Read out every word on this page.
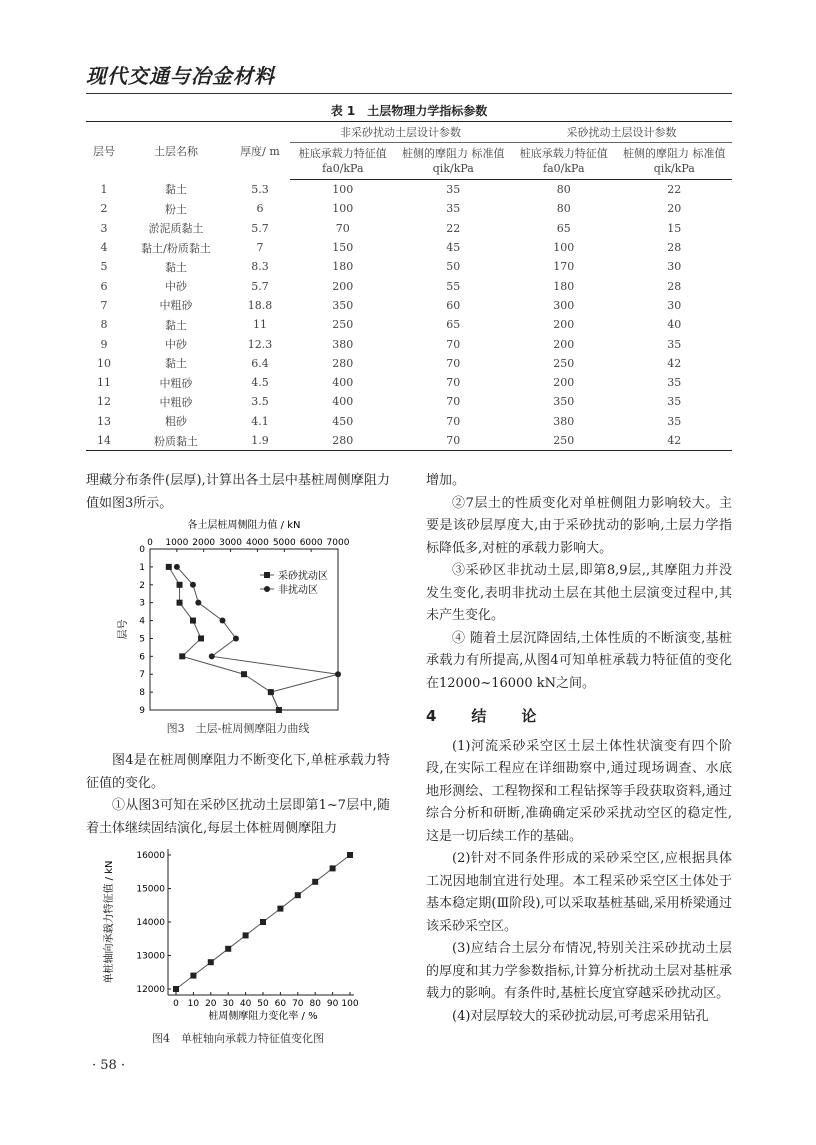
现代交通与冶金材料
表 1　土层物理力学指标参数
层号	土层名称	厚度/ m	非采砂扰动土层设计参数		采砂扰动土层设计参数	
			桩底承载力特征值 fa0/kPa	桩侧的摩阻力 标准值 qik/kPa	桩底承载力特征值 fa0/kPa	桩侧的摩阻力 标准值 qik/kPa
1	黏土	5.3	100	35	80	22
2	粉土	6	100	35	80	20
3	淤泥质黏土	5.7	70	22	65	15
4	黏土/粉质黏土	7	150	45	100	28
5	黏土	8.3	180	50	170	30
6	中砂	5.7	200	55	180	28
7	中粗砂	18.8	350	60	300	30
8	黏土	11	250	65	200	40
9	中砂	12.3	380	70	200	35
10	黏土	6.4	280	70	250	42
11	中粗砂	4.5	400	70	200	35
12	中粗砂	3.5	400	70	350	35
13	粗砂	4.1	450	70	380	35
14	粉质黏土	1.9	280	70	250	42

理藏分布条件(层厚),计算出各土层中基桩周侧摩阻力值如图3所示。

各土层桩周侧阻力值 / kN
0 1000 2000 3000 4000 5000 6000 7000
0
1
2
3
4
5
6
7
8
9
层号
采砂扰动区
非扰动区
图3　土层-桩周侧摩阻力曲线

图4是在桩周侧摩阻力不断变化下,单桩承载力特征值的变化。

①从图3可知在采砂区扰动土层即第1~7层中,随着土体继续固结演化,每层土体桩周侧摩阻力

0 10 20 30 40 50 60 70 80 90 100
12000
13000
14000
15000
16000
桩周侧摩阻力变化率 / %
单桩轴向承载力特征值 / kN
图4　单桩轴向承载力特征值变化图

增加。

②7层土的性质变化对单桩侧阻力影响较大。主要是该砂层厚度大,由于采砂扰动的影响,土层力学指标降低多,对桩的承载力影响大。

③采砂区非扰动土层,即第8,9层,,其摩阻力并没发生变化,表明非扰动土层在其他土层演变过程中,其未产生变化。

④ 随着土层沉降固结,土体性质的不断演变,基桩承载力有所提高,从图4可知单桩承载力特征值的变化在12000~16000 kN之间。

4　结　论

(1)河流采砂采空区土层土体性状演变有四个阶段,在实际工程应在详细勘察中,通过现场调查、水底地形测绘、工程物探和工程钻探等手段获取资料,通过综合分析和研断,准确确定采砂采扰动空区的稳定性,这是一切后续工作的基础。

(2)针对不同条件形成的采砂采空区,应根据具体工况因地制宜进行处理。本工程采砂采空区土体处于基本稳定期(Ⅲ阶段),可以采取基桩基础,采用桥梁通过该采砂采空区。

(3)应结合土层分布情况,特别关注采砂扰动土层的厚度和其力学参数指标,计算分析扰动土层对基桩承载力的影响。有条件时,基桩长度宜穿越采砂扰动区。

(4)对层厚较大的采砂扰动层,可考虑采用钻孔

· 58 ·
